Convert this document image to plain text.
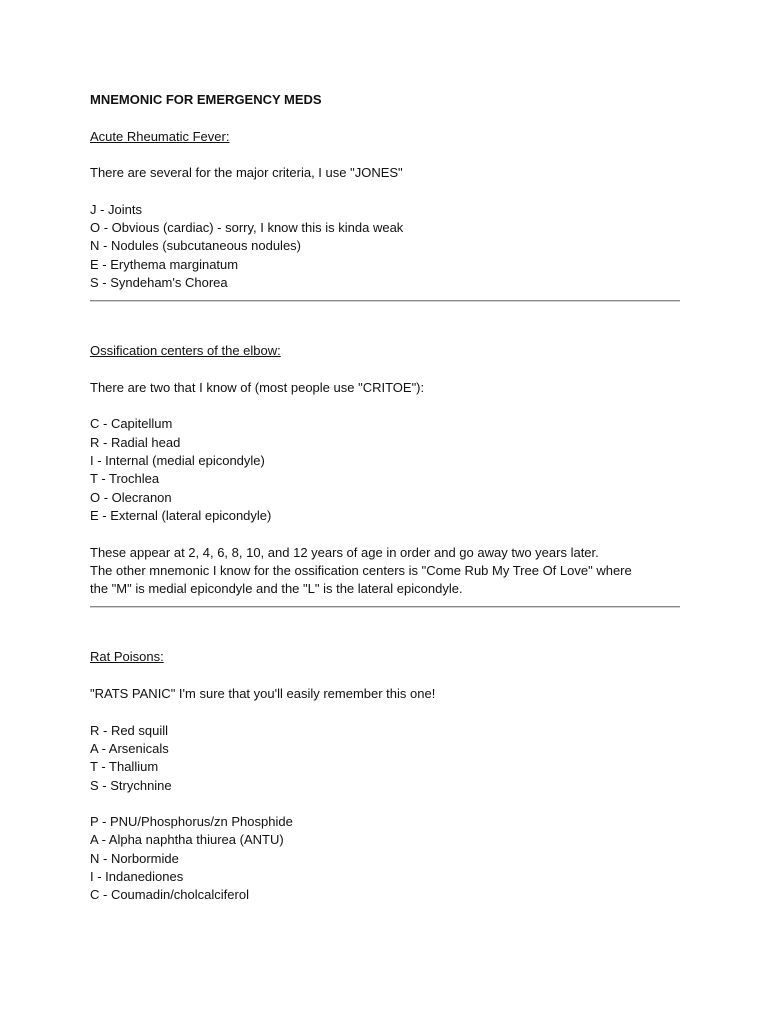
MNEMONIC FOR EMERGENCY MEDS
Acute Rheumatic Fever:
There are several for the major criteria, I use "JONES"
J - Joints
O - Obvious (cardiac) - sorry, I know this is kinda weak
N - Nodules (subcutaneous nodules)
E - Erythema marginatum
S - Syndeham's Chorea
Ossification centers of the elbow:
There are two that I know of (most people use "CRITOE"):
C - Capitellum
R - Radial head
I - Internal (medial epicondyle)
T - Trochlea
O - Olecranon
E - External (lateral epicondyle)
These appear at 2, 4, 6, 8, 10, and 12 years of age in order and go away two years later.
The other mnemonic I know for the ossification centers is "Come Rub My Tree Of Love" where
the "M" is medial epicondyle and the "L" is the lateral epicondyle.
Rat Poisons:
"RATS PANIC" I'm sure that you'll easily remember this one!
R - Red squill
A - Arsenicals
T - Thallium
S - Strychnine
P - PNU/Phosphorus/zn Phosphide
A - Alpha naphtha thiurea (ANTU)
N - Norbormide
I - Indanediones
C - Coumadin/cholcalciferol
